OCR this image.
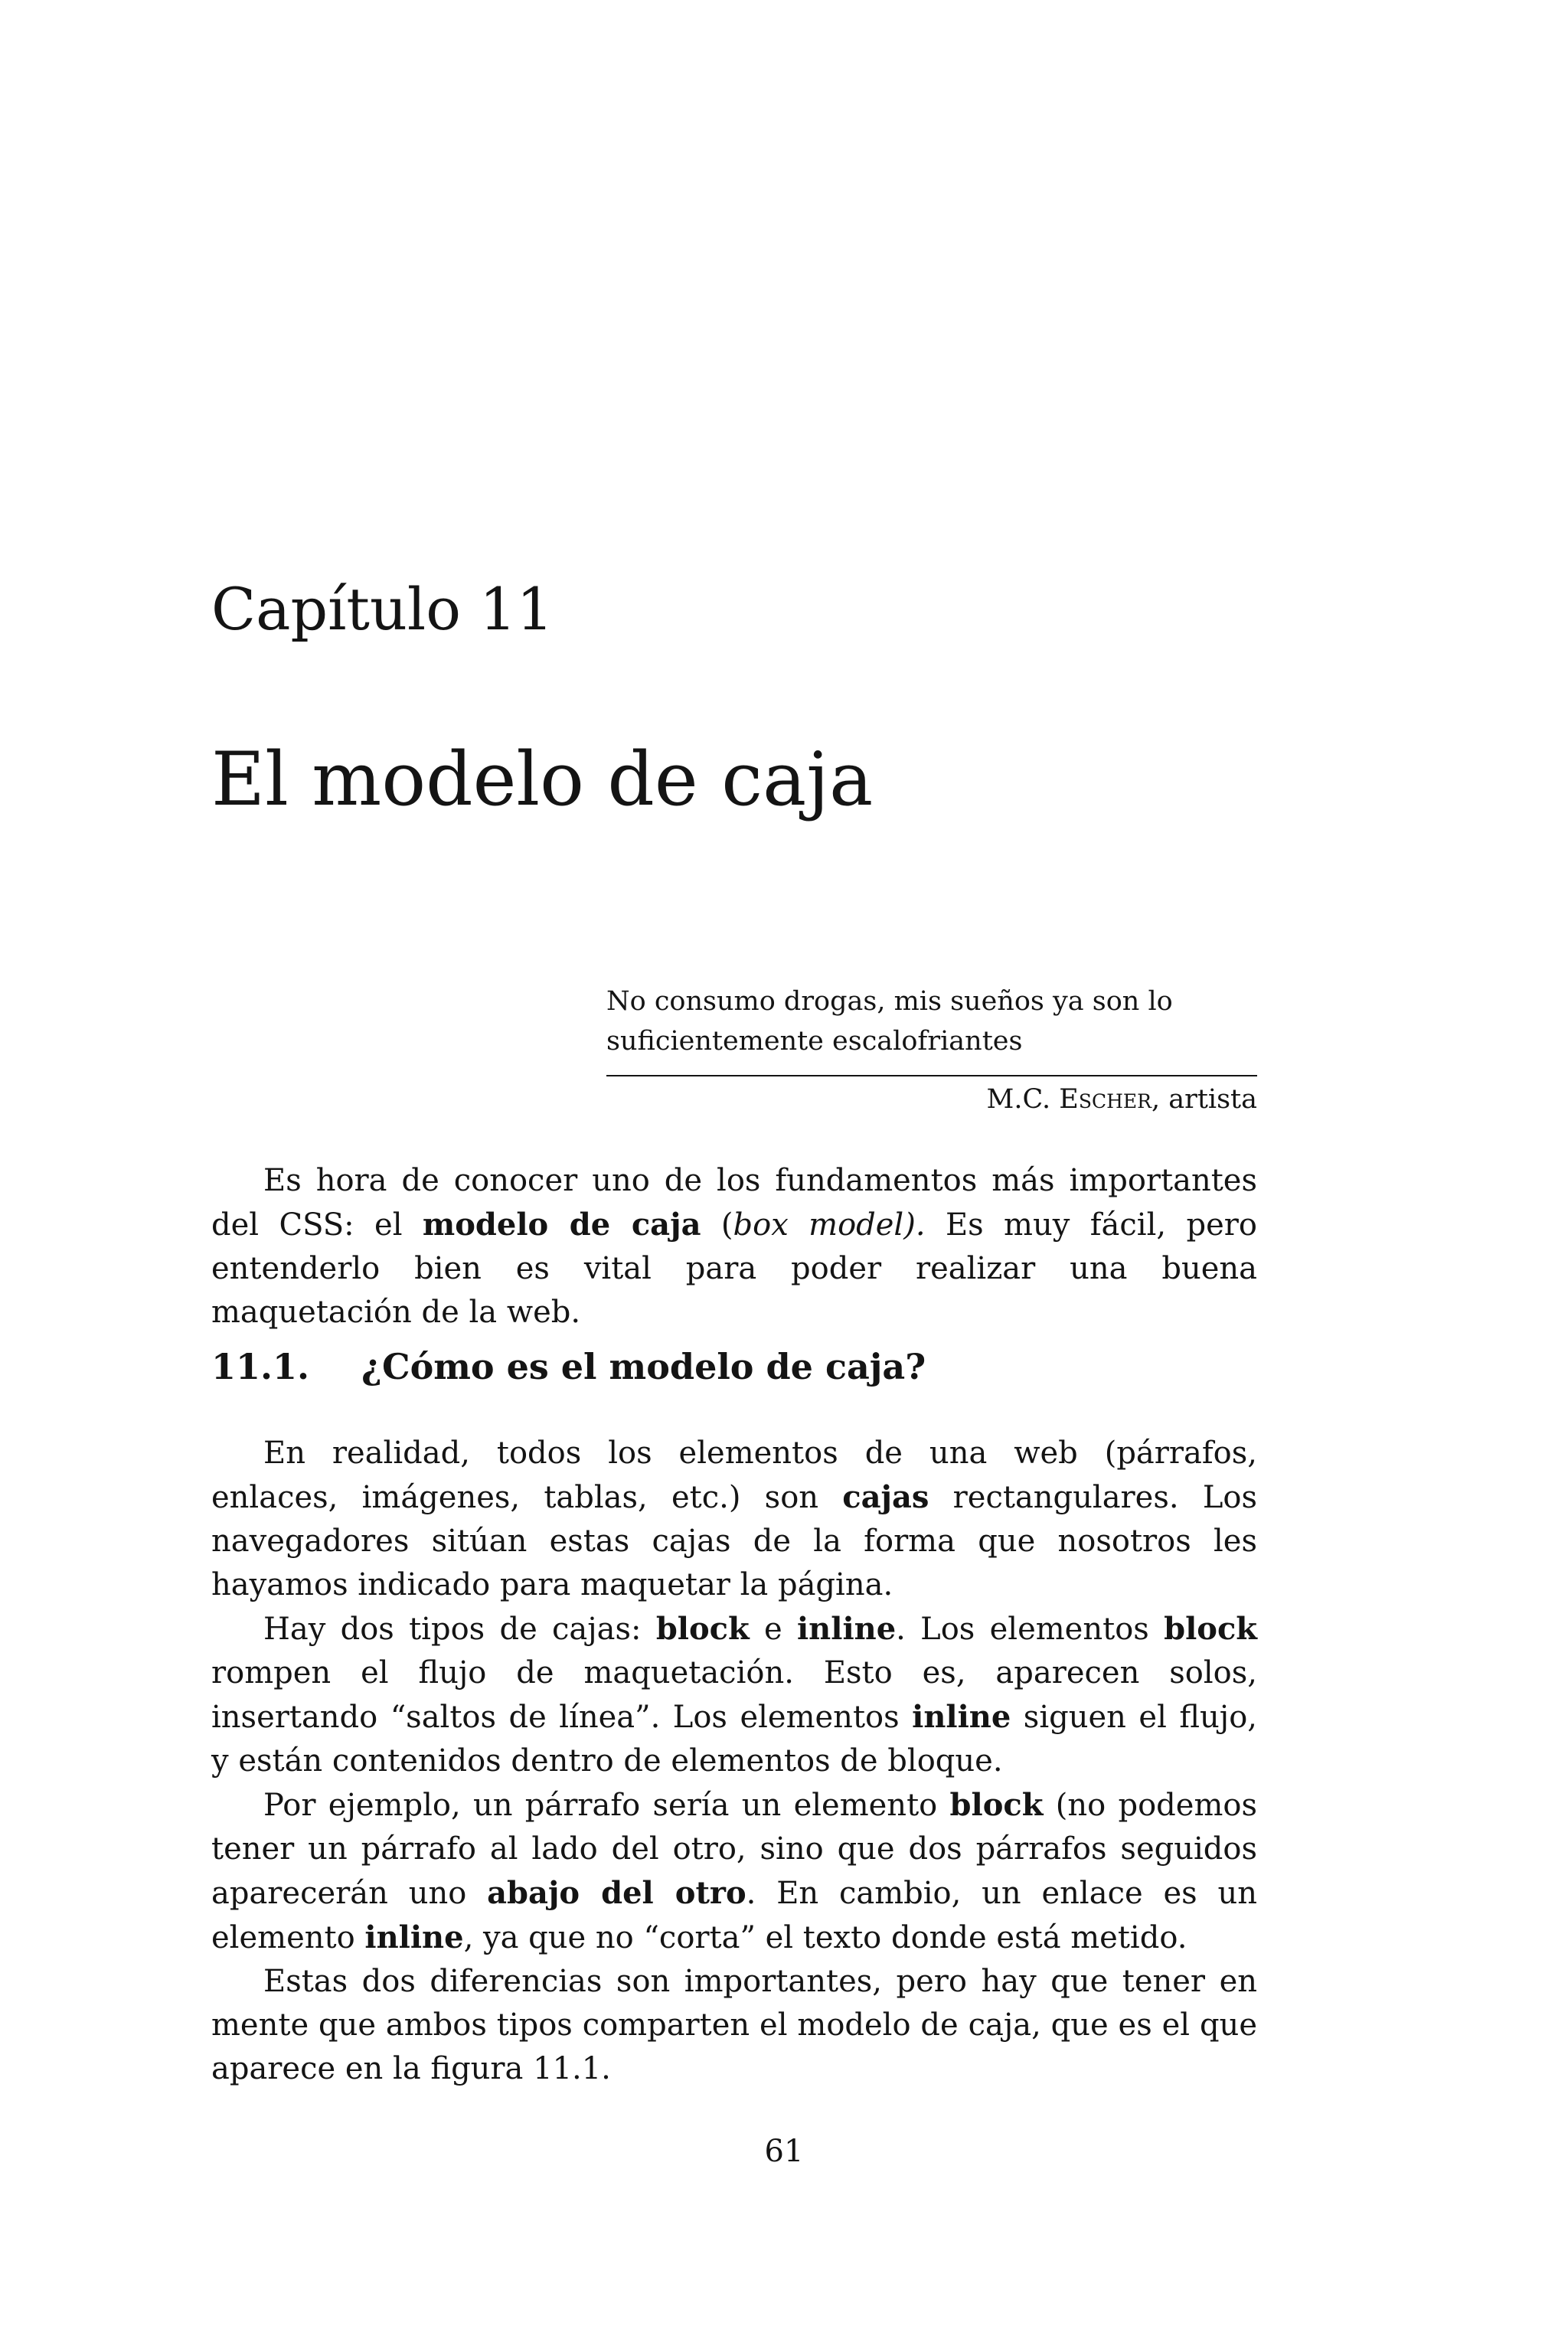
Capítulo 11
El modelo de caja
No consumo drogas, mis sueños ya son lo
suficientemente escalofriantes
M.C. Escher, artista

Es hora de conocer uno de los fundamentos más importantes del CSS: el modelo de caja (box model). Es muy fácil, pero entenderlo bien es vital para poder realizar una buena maquetación de la web.

11.1. ¿Cómo es el modelo de caja?

En realidad, todos los elementos de una web (párrafos, enlaces, imágenes, tablas, etc.) son cajas rectangulares. Los navegadores sitúan estas cajas de la forma que nosotros les hayamos indicado para maquetar la página.

Hay dos tipos de cajas: block e inline. Los elementos block rompen el flujo de maquetación. Esto es, aparecen solos, insertando “saltos de línea”. Los elementos inline siguen el flujo, y están contenidos dentro de elementos de bloque.

Por ejemplo, un párrafo sería un elemento block (no podemos tener un párrafo al lado del otro, sino que dos párrafos seguidos aparecerán uno abajo del otro. En cambio, un enlace es un elemento inline, ya que no “corta” el texto donde está metido.

Estas dos diferencias son importantes, pero hay que tener en mente que ambos tipos comparten el modelo de caja, que es el que aparece en la figura 11.1.

61
